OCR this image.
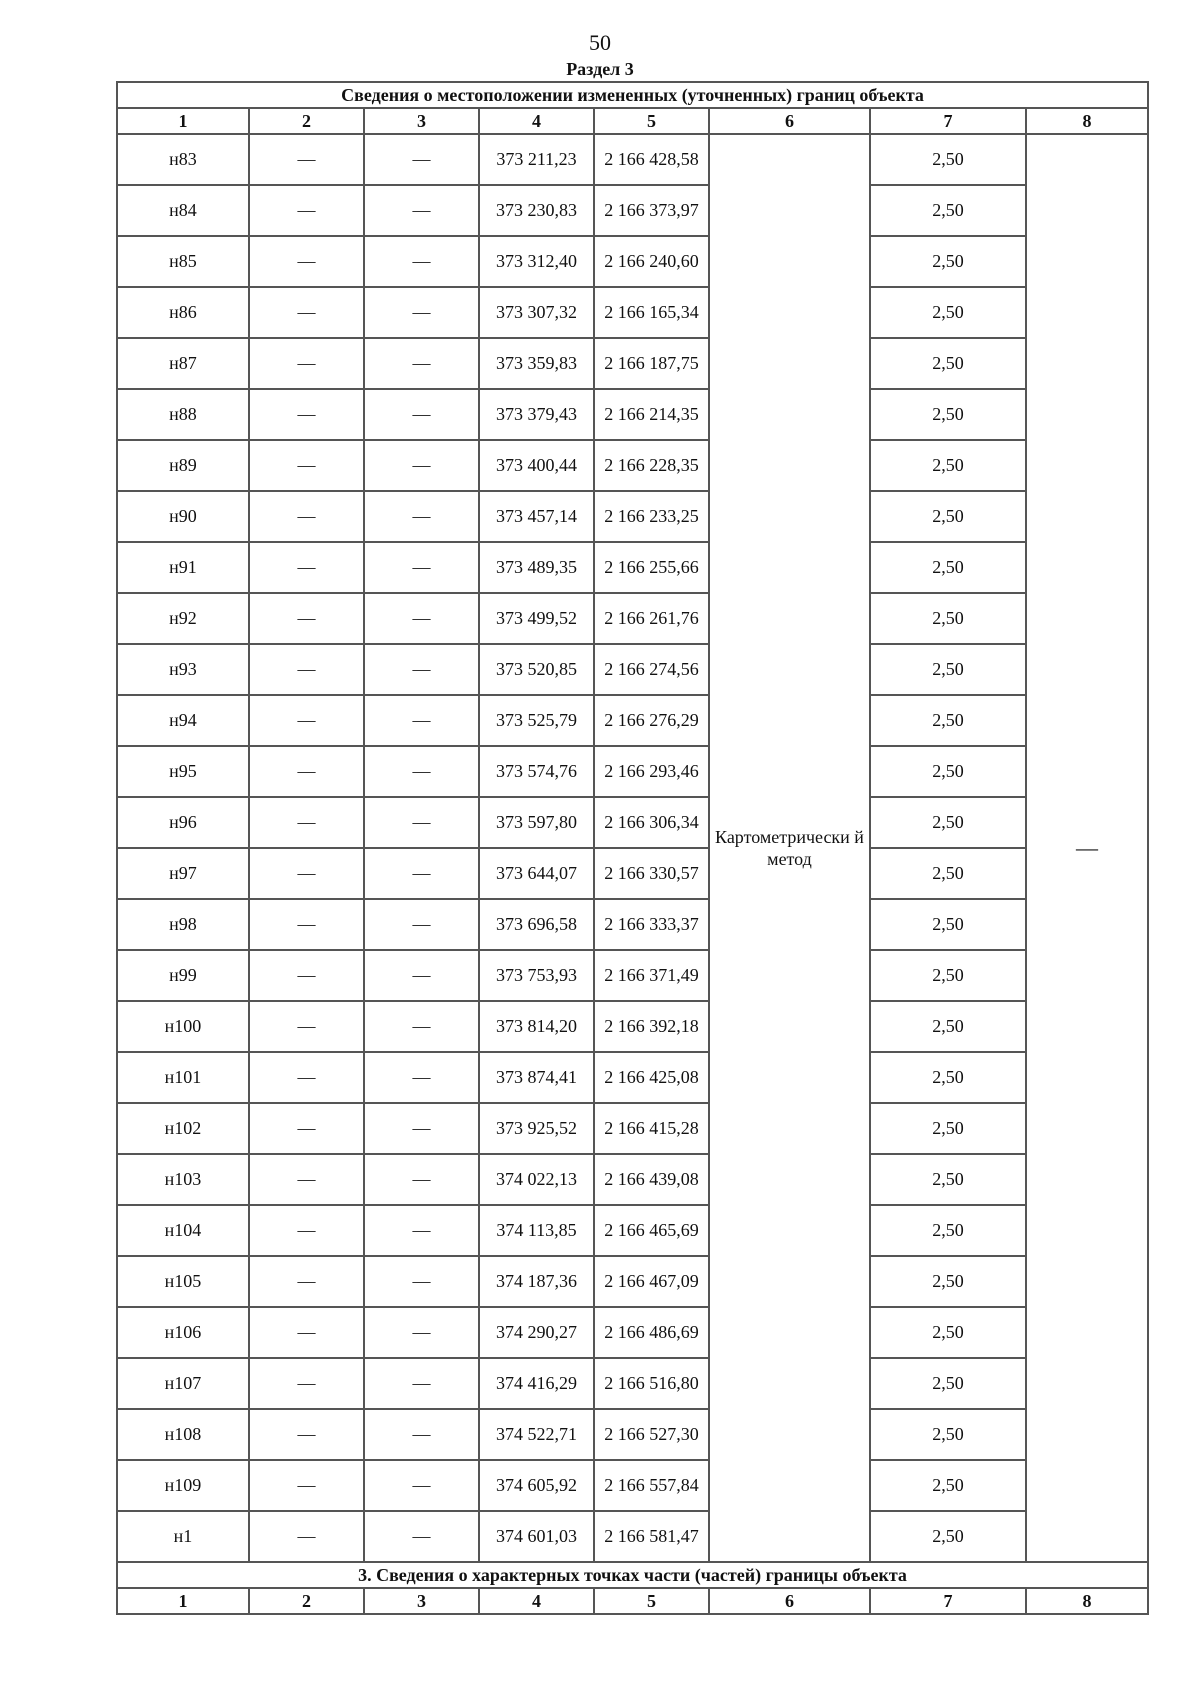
50
Раздел 3
Сведения о местоположении измененных (уточненных) границ объекта							
1	2	3	4	5	6	7	8
н83	—	—	373 211,23	2 166 428,58	Картометрически й метод	2,50	—
н84	—	—	373 230,83	2 166 373,97		2,50	
н85	—	—	373 312,40	2 166 240,60		2,50	
н86	—	—	373 307,32	2 166 165,34		2,50	
н87	—	—	373 359,83	2 166 187,75		2,50	
н88	—	—	373 379,43	2 166 214,35		2,50	
н89	—	—	373 400,44	2 166 228,35		2,50	
н90	—	—	373 457,14	2 166 233,25		2,50	
н91	—	—	373 489,35	2 166 255,66		2,50	
н92	—	—	373 499,52	2 166 261,76		2,50	
н93	—	—	373 520,85	2 166 274,56		2,50	
н94	—	—	373 525,79	2 166 276,29		2,50	
н95	—	—	373 574,76	2 166 293,46		2,50	
н96	—	—	373 597,80	2 166 306,34		2,50	
н97	—	—	373 644,07	2 166 330,57		2,50	
н98	—	—	373 696,58	2 166 333,37		2,50	
н99	—	—	373 753,93	2 166 371,49		2,50	
н100	—	—	373 814,20	2 166 392,18		2,50	
н101	—	—	373 874,41	2 166 425,08		2,50	
н102	—	—	373 925,52	2 166 415,28		2,50	
н103	—	—	374 022,13	2 166 439,08		2,50	
н104	—	—	374 113,85	2 166 465,69		2,50	
н105	—	—	374 187,36	2 166 467,09		2,50	
н106	—	—	374 290,27	2 166 486,69		2,50	
н107	—	—	374 416,29	2 166 516,80		2,50	
н108	—	—	374 522,71	2 166 527,30		2,50	
н109	—	—	374 605,92	2 166 557,84		2,50	
н1	—	—	374 601,03	2 166 581,47		2,50	
3. Сведения о характерных точках части (частей) границы объекта							
1	2	3	4	5	6	7	8
